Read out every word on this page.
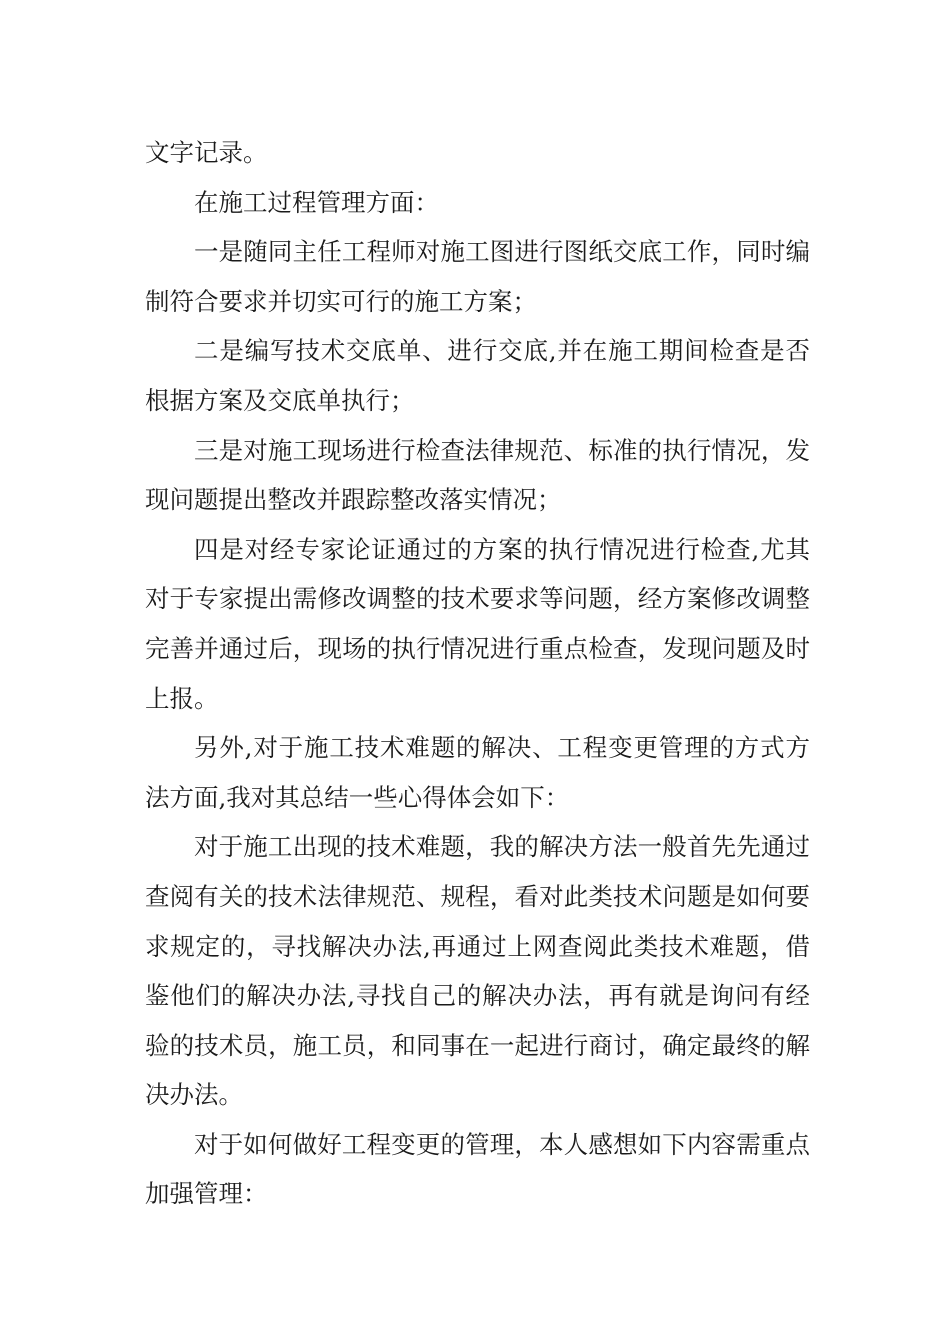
文字记录。

在施工过程管理方面：

一是随同主任工程师对施工图进行图纸交底工作，同时编制符合要求并切实可行的施工方案；

二是编写技术交底单、进行交底,并在施工期间检查是否根据方案及交底单执行；

三是对施工现场进行检查法律规范、标准的执行情况，发现问题提出整改并跟踪整改落实情况；

四是对经专家论证通过的方案的执行情况进行检查,尤其对于专家提出需修改调整的技术要求等问题，经方案修改调整完善并通过后，现场的执行情况进行重点检查，发现问题及时上报。

另外,对于施工技术难题的解决、工程变更管理的方式方法方面,我对其总结一些心得体会如下：

对于施工出现的技术难题，我的解决方法一般首先先通过查阅有关的技术法律规范、规程，看对此类技术问题是如何要求规定的，寻找解决办法,再通过上网查阅此类技术难题，借鉴他们的解决办法,寻找自己的解决办法，再有就是询问有经验的技术员，施工员，和同事在一起进行商讨，确定最终的解决办法。

对于如何做好工程变更的管理，本人感想如下内容需重点加强管理：
